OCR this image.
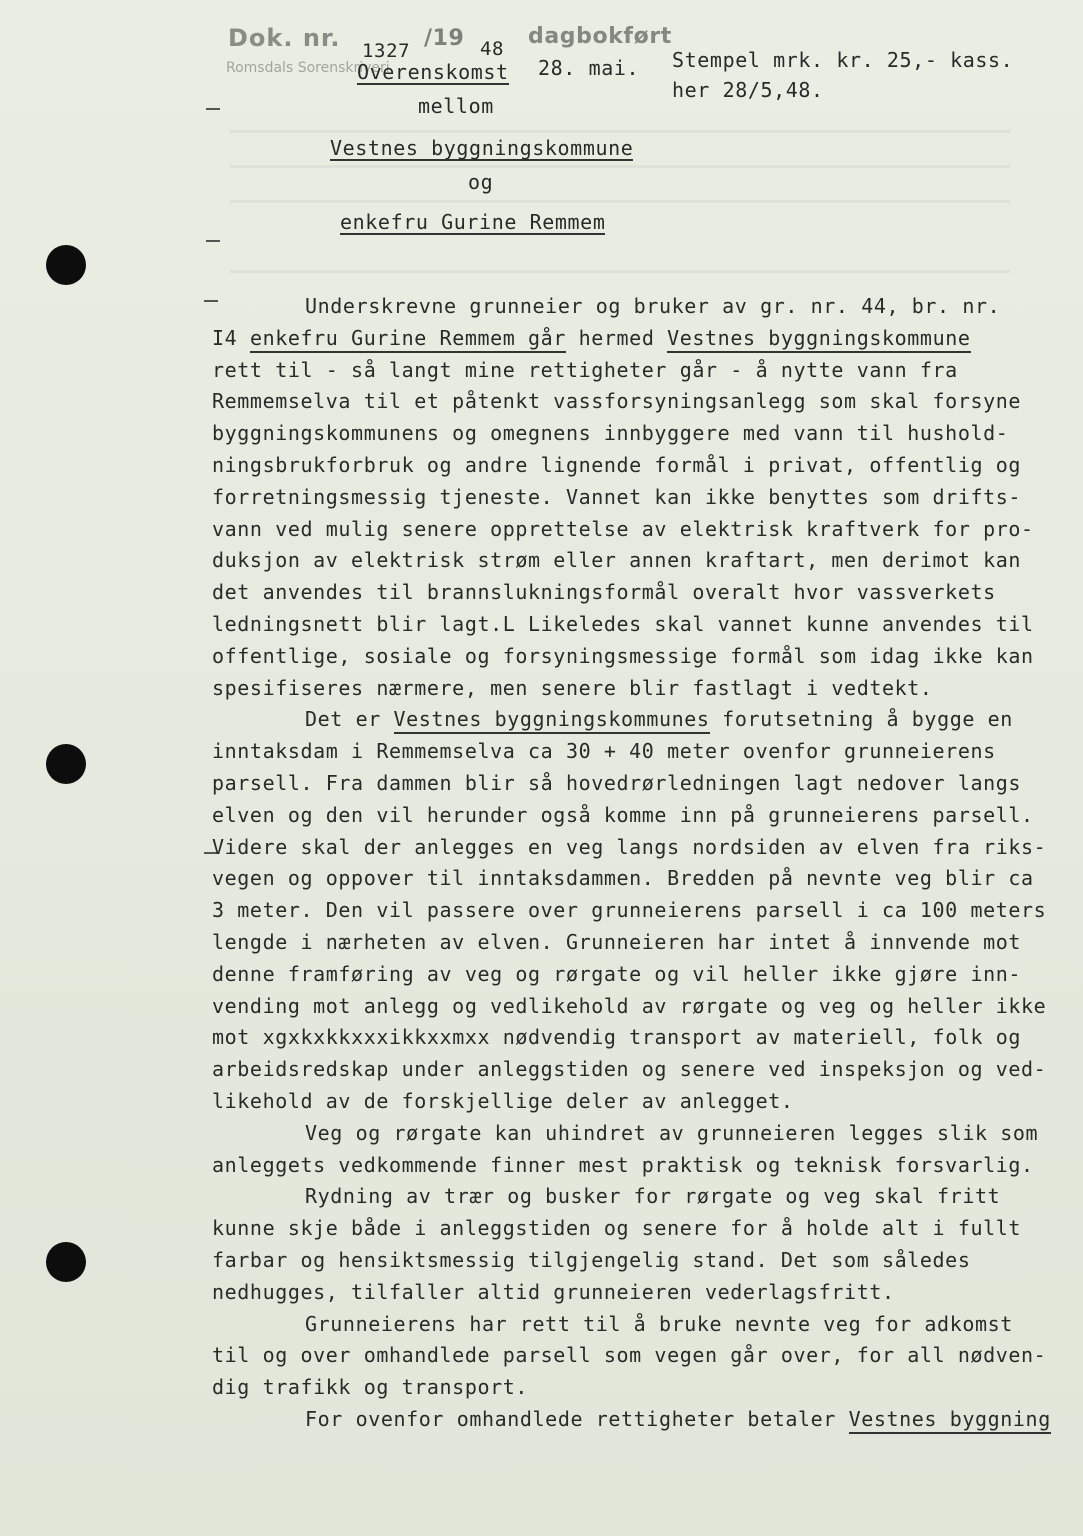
Dok. nr.
Romsdals Sorenskriveri
1327 /19 48 dagbokført
Overenskomst 28. mai. Stempel mrk. kr. 25,- kass.
her 28/5,48.
mellom
Vestnes byggningskommune
og
enkefru Gurine Remmem
Underskrevne grunneier og bruker av gr. nr. 44, br. nr.
I4 enkefru Gurine Remmem går hermed Vestnes byggningskommune
rett til - så langt mine rettigheter går - å nytte vann fra
Remmemselva til et påtenkt vassforsyningsanlegg som skal forsyne
byggningskommunens og omegnens innbyggere med vann til hushold-
ningsbrukforbruk og andre lignende formål i privat, offentlig og
forretningsmessig tjeneste. Vannet kan ikke benyttes som drifts-
vann ved mulig senere opprettelse av elektrisk kraftverk for pro-
duksjon av elektrisk strøm eller annen kraftart, men derimot kan
det anvendes til brannslukningsformål overalt hvor vassverkets
ledningsnett blir lagt.L Likeledes skal vannet kunne anvendes til
offentlige, sosiale og forsyningsmessige formål som idag ikke kan
spesifiseres nærmere, men senere blir fastlagt i vedtekt.
Det er Vestnes byggningskommunes forutsetning å bygge en
inntaksdam i Remmemselva ca 30 + 40 meter ovenfor grunneierens
parsell. Fra dammen blir så hovedrørledningen lagt nedover langs
elven og den vil herunder også komme inn på grunneierens parsell.
Videre skal der anlegges en veg langs nordsiden av elven fra riks-
vegen og oppover til inntaksdammen. Bredden på nevnte veg blir ca
3 meter. Den vil passere over grunneierens parsell i ca 100 meters
lengde i nærheten av elven. Grunneieren har intet å innvende mot
denne framføring av veg og rørgate og vil heller ikke gjøre inn-
vending mot anlegg og vedlikehold av rørgate og veg og heller ikke
mot xgxkxkkxxxikkxxmxx nødvendig transport av materiell, folk og
arbeidsredskap under anleggstiden og senere ved inspeksjon og ved-
likehold av de forskjellige deler av anlegget.
Veg og rørgate kan uhindret av grunneieren legges slik som
anleggets vedkommende finner mest praktisk og teknisk forsvarlig.
Rydning av trær og busker for rørgate og veg skal fritt
kunne skje både i anleggstiden og senere for å holde alt i fullt
farbar og hensiktsmessig tilgjengelig stand. Det som således
nedhugges, tilfaller altid grunneieren vederlagsfritt.
Grunneierens har rett til å bruke nevnte veg for adkomst
til og over omhandlede parsell som vegen går over, for all nødven-
dig trafikk og transport.
For ovenfor omhandlede rettigheter betaler Vestnes byggning
